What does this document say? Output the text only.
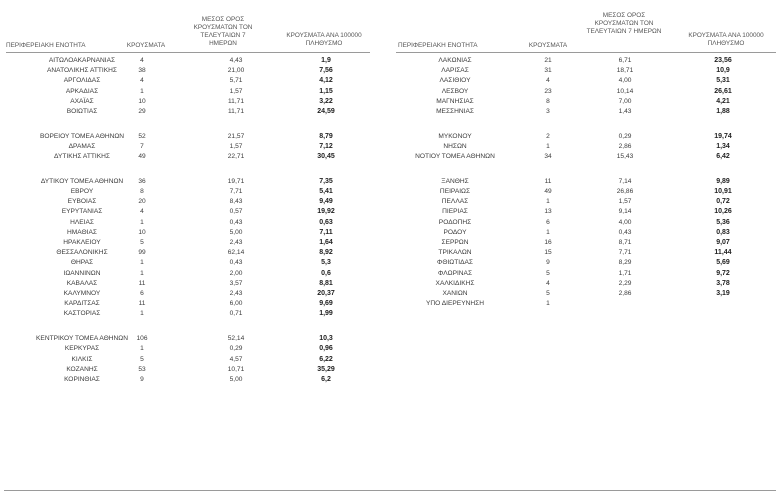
ΠΕΡΙΦΕΡΕΙΑΚΗ ΕΝΟΤΗΤΑ	ΚΡΟΥΣΜΑΤΑ
ΜΕΣΟΣ ΟΡΟΣ ΚΡΟΥΣΜΑΤΩΝ ΤΟΝ ΤΕΛΕΥΤΑΙΩΝ 7 ΗΜΕΡΩΝ
ΚΡΟΥΣΜΑΤΑ ΑΝΑ 100000 ΠΛΗΘΥΣΜΟ	ΠΕΡΙΦΕΡΕΙΑΚΗ ΕΝΟΤΗΤΑ	ΚΡΟΥΣΜΑΤΑ
ΜΕΣΟΣ ΟΡΟΣ ΚΡΟΥΣΜΑΤΩΝ ΤΟΝ ΤΕΛΕΥΤΑΙΩΝ 7 ΗΜΕΡΩΝ
ΚΡΟΥΣΜΑΤΑ ΑΝΑ 100000 ΠΛΗΘΥΣΜΟ
ΑΙΤΩΛΟΑΚΑΡΝΑΝΙΑΣ	4	4,43	1,9
ΑΝΑΤΟΛΙΚΗΣ ΑΤΤΙΚΗΣ	38	21,00	7,56
ΑΡΓΟΛΙΔΑΣ	4	5,71	4,12
ΑΡΚΑΔΙΑΣ	1	1,57	1,15
ΑΧΑΪΑΣ	10	11,71	3,22
ΒΟΙΩΤΙΑΣ	29	11,71	24,59
ΒΟΡΕΙΟΥ ΤΟΜΕΑ ΑΘΗΝΩΝ 52	21,57	8,79
ΔΡΑΜΑΣ	7	1,57	7,12
ΔΥΤΙΚΗΣ ΑΤΤΙΚΗΣ	49	22,71	30,45
ΔΥΤΙΚΟΥ ΤΟΜΕΑ ΑΘΗΝΩΝ 36	19,71	7,35
ΕΒΡΟΥ	8	7,71	5,41
ΕΥΒΟΙΑΣ	20	8,43	9,49
ΕΥΡΥΤΑΝΙΑΣ	4	0,57	19,92
ΗΛΕΙΑΣ	1	0,43	0,63
ΗΜΑΘΙΑΣ	10	5,00	7,11
ΗΡΑΚΛΕΙΟΥ	5	2,43	1,64
ΘΕΣΣΑΛΟΝΙΚΗΣ	99	62,14	8,92
ΘΗΡΑΣ	1	0,43	5,3
ΙΩΑΝΝΙΝΩΝ	1	2,00	0,6
ΚΑΒΑΛΑΣ	11	3,57	8,81
ΚΑΛΥΜΝΟΥ	6	2,43	20,37
ΚΑΡΔΙΤΣΑΣ	11	6,00	9,69
ΚΑΣΤΟΡΙΑΣ	1	0,71	1,99
ΚΕΝΤΡΙΚΟΥ ΤΟΜΕΑ ΑΘΗΝΩΝ 106	52,14	10,3
ΚΕΡΚΥΡΑΣ	1	0,29	0,96
ΚΙΛΚΙΣ	5	4,57	6,22
ΚΟΖΑΝΗΣ	53	10,71	35,29
ΚΟΡΙΝΘΙΑΣ	9	5,00	6,2
ΛΑΚΩΝΙΑΣ	21	6,71	23,56
ΛΑΡΙΣΑΣ	31	18,71	10,9
ΛΑΣΙΘΙΟΥ	4	4,00	5,31
ΛΕΣΒΟΥ	23	10,14	26,61
ΜΑΓΝΗΣΙΑΣ	8	7,00	4,21
ΜΕΣΣΗΝΙΑΣ	3	1,43	1,88
ΜΥΚΟΝΟΥ	2	0,29	19,74
ΝΗΣΩΝ	1	2,86	1,34
ΝΟΤΙΟΥ ΤΟΜΕΑ ΑΘΗΝΩΝ	34	15,43	6,42
ΞΑΝΘΗΣ	11	7,14	9,89
ΠΕΙΡΑΙΩΣ	49	26,86	10,91
ΠΕΛΛΑΣ	1	1,57	0,72
ΠΙΕΡΙΑΣ	13	9,14	10,26
ΡΟΔΟΠΗΣ	6	4,00	5,36
ΡΟΔΟΥ	1	0,43	0,83
ΣΕΡΡΩΝ	16	8,71	9,07
ΤΡΙΚΑΛΩΝ	15	7,71	11,44
ΦΘΙΩΤΙΔΑΣ	9	8,29	5,69
ΦΛΩΡΙΝΑΣ	5	1,71	9,72
ΧΑΛΚΙΔΙΚΗΣ	4	2,29	3,78
ΧΑΝΙΩΝ	5	2,86	3,19
ΥΠΟ ΔΙΕΡΕΥΝΗΣΗ	1
